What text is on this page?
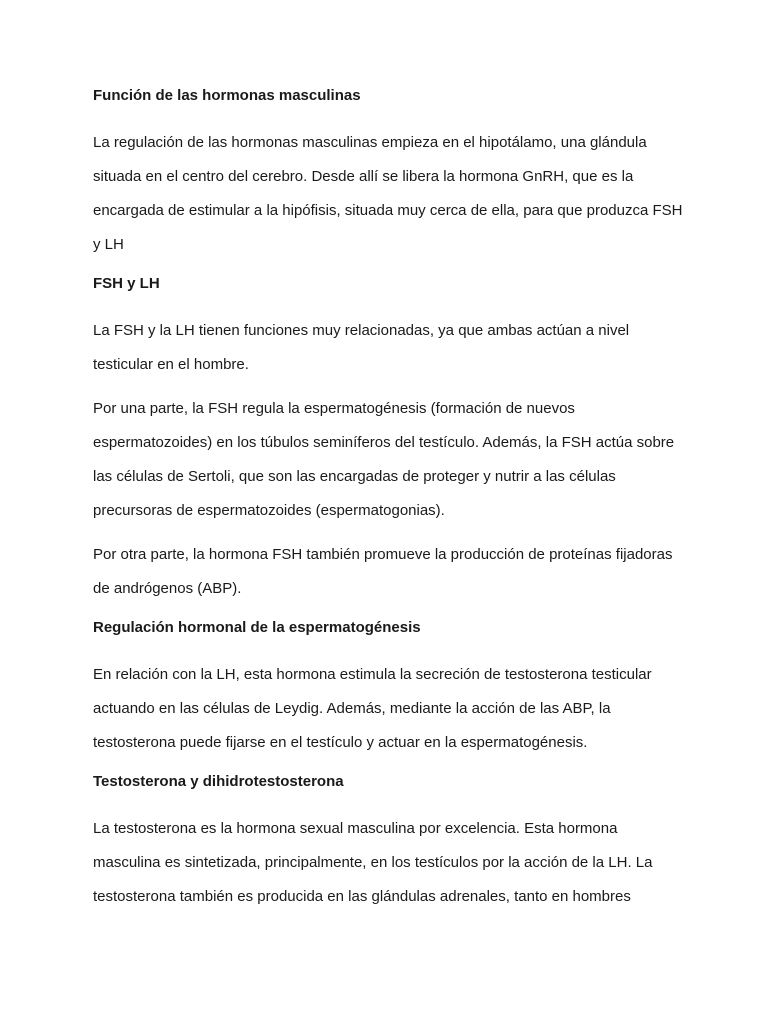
Función de las hormonas masculinas

La regulación de las hormonas masculinas empieza en el hipotálamo, una glándula situada en el centro del cerebro. Desde allí se libera la hormona GnRH, que es la encargada de estimular a la hipófisis, situada muy cerca de ella, para que produzca FSH y LH

FSH y LH

La FSH y la LH tienen funciones muy relacionadas, ya que ambas actúan a nivel testicular en el hombre.

Por una parte, la FSH regula la espermatogénesis (formación de nuevos espermatozoides) en los túbulos seminíferos del testículo. Además, la FSH actúa sobre las células de Sertoli, que son las encargadas de proteger y nutrir a las células precursoras de espermatozoides (espermatogonias).

Por otra parte, la hormona FSH también promueve la producción de proteínas fijadoras de andrógenos (ABP).

Regulación hormonal de la espermatogénesis

En relación con la LH, esta hormona estimula la secreción de testosterona testicular actuando en las células de Leydig. Además, mediante la acción de las ABP, la testosterona puede fijarse en el testículo y actuar en la espermatogénesis.

Testosterona y dihidrotestosterona

La testosterona es la hormona sexual masculina por excelencia. Esta hormona masculina es sintetizada, principalmente, en los testículos por la acción de la LH. La testosterona también es producida en las glándulas adrenales, tanto en hombres
